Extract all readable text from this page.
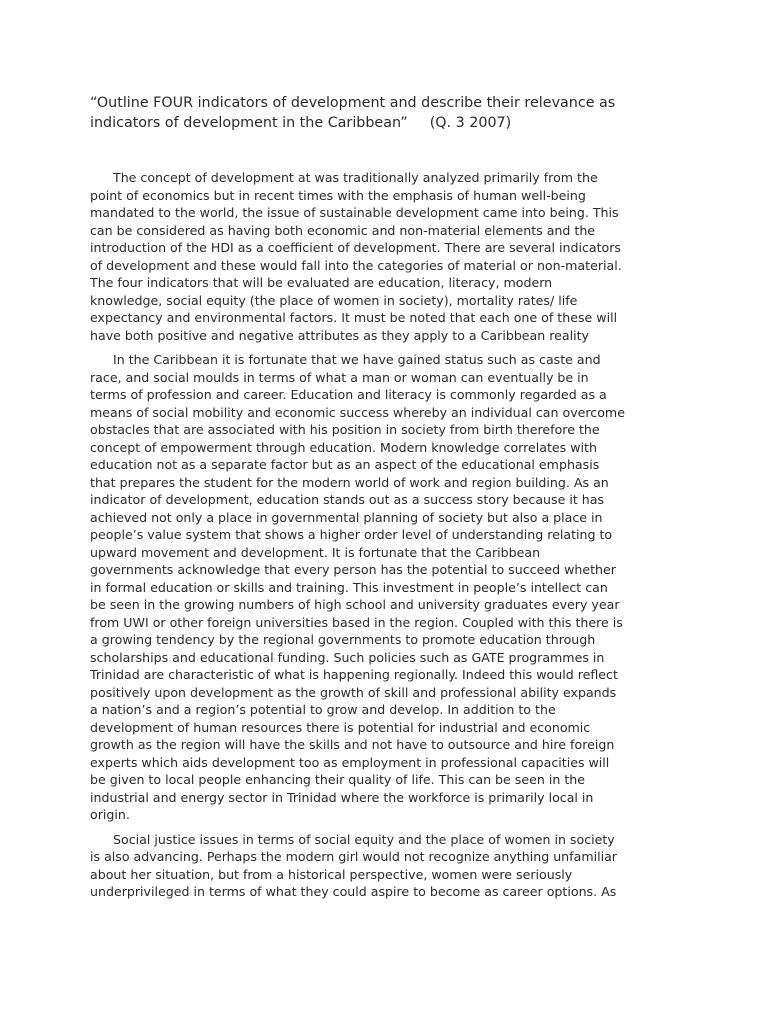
“Outline FOUR indicators of development and describe their relevance as
indicators of development in the Caribbean” (Q. 3 2007)
The concept of development at was traditionally analyzed primarily from the
point of economics but in recent times with the emphasis of human well-being
mandated to the world, the issue of sustainable development came into being. This
can be considered as having both economic and non-material elements and the
introduction of the HDI as a coefficient of development. There are several indicators
of development and these would fall into the categories of material or non-material.
The four indicators that will be evaluated are education, literacy, modern
knowledge, social equity (the place of women in society), mortality rates/ life
expectancy and environmental factors. It must be noted that each one of these will
have both positive and negative attributes as they apply to a Caribbean reality
In the Caribbean it is fortunate that we have gained status such as caste and
race, and social moulds in terms of what a man or woman can eventually be in
terms of profession and career. Education and literacy is commonly regarded as a
means of social mobility and economic success whereby an individual can overcome
obstacles that are associated with his position in society from birth therefore the
concept of empowerment through education. Modern knowledge correlates with
education not as a separate factor but as an aspect of the educational emphasis
that prepares the student for the modern world of work and region building. As an
indicator of development, education stands out as a success story because it has
achieved not only a place in governmental planning of society but also a place in
people’s value system that shows a higher order level of understanding relating to
upward movement and development. It is fortunate that the Caribbean
governments acknowledge that every person has the potential to succeed whether
in formal education or skills and training. This investment in people’s intellect can
be seen in the growing numbers of high school and university graduates every year
from UWI or other foreign universities based in the region. Coupled with this there is
a growing tendency by the regional governments to promote education through
scholarships and educational funding. Such policies such as GATE programmes in
Trinidad are characteristic of what is happening regionally. Indeed this would reflect
positively upon development as the growth of skill and professional ability expands
a nation’s and a region’s potential to grow and develop. In addition to the
development of human resources there is potential for industrial and economic
growth as the region will have the skills and not have to outsource and hire foreign
experts which aids development too as employment in professional capacities will
be given to local people enhancing their quality of life. This can be seen in the
industrial and energy sector in Trinidad where the workforce is primarily local in
origin.
Social justice issues in terms of social equity and the place of women in society
is also advancing. Perhaps the modern girl would not recognize anything unfamiliar
about her situation, but from a historical perspective, women were seriously
underprivileged in terms of what they could aspire to become as career options. As
